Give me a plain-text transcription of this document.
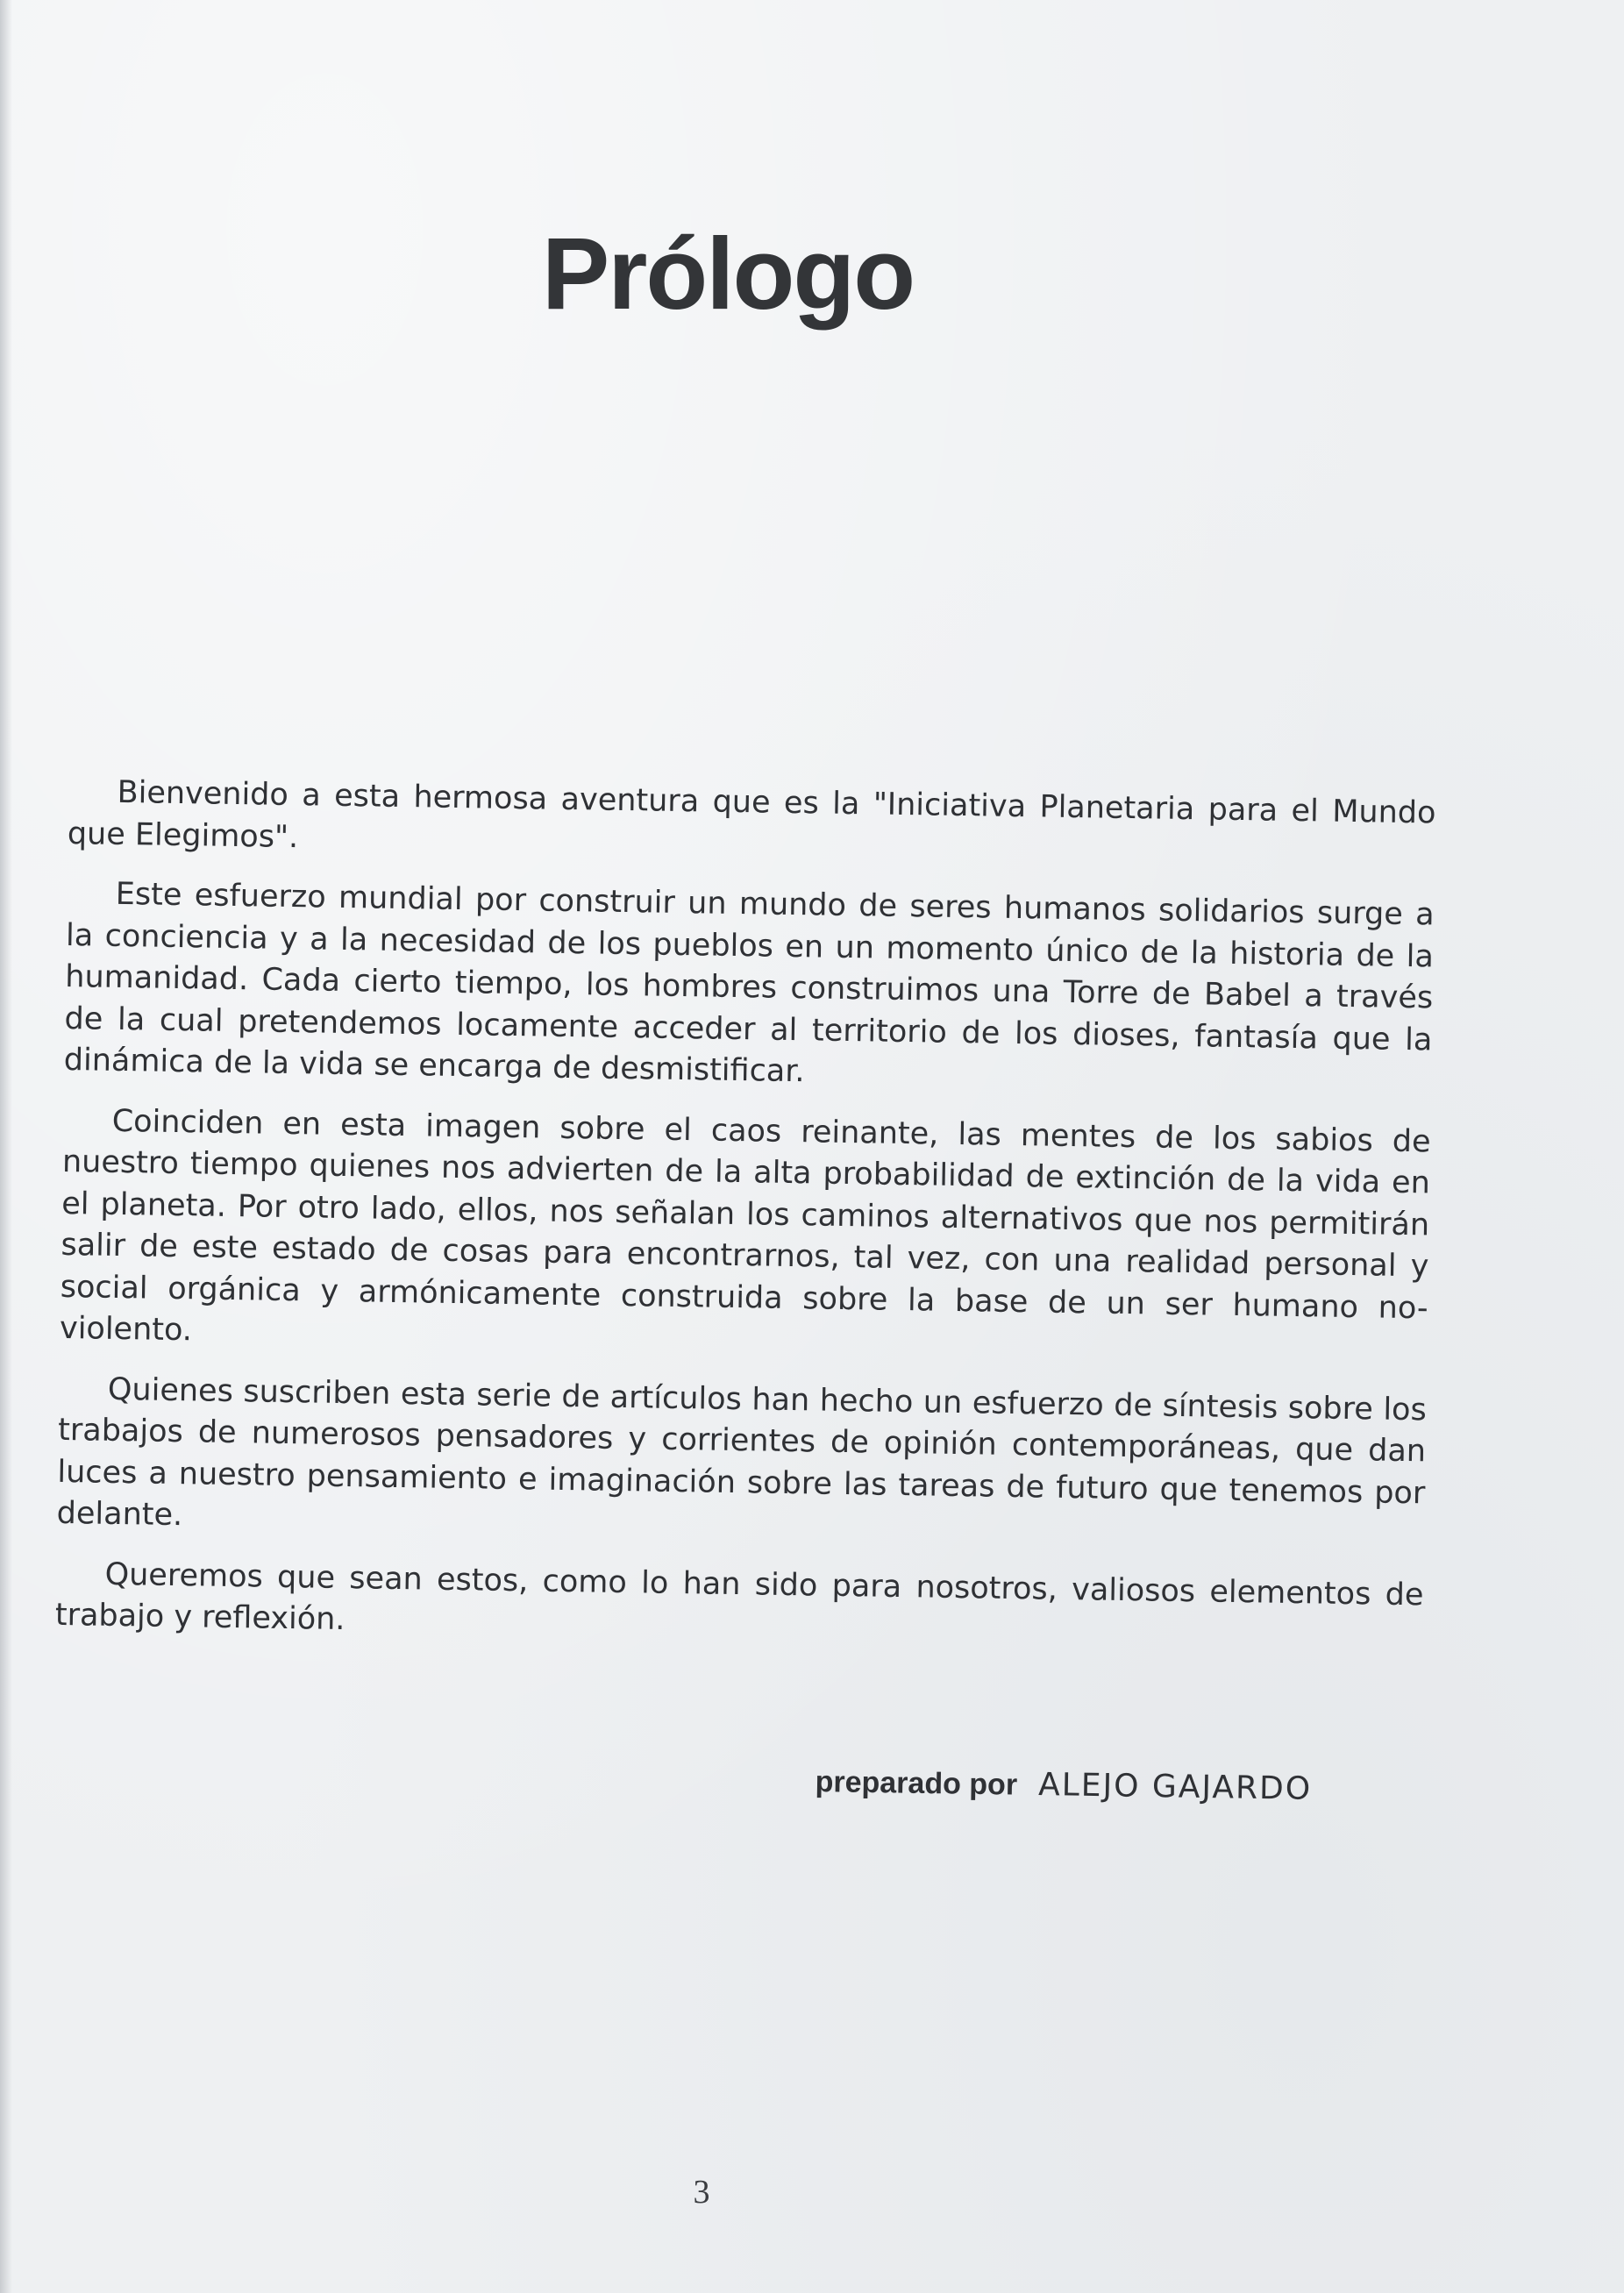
Prólogo

Bienvenido a esta hermosa aventura que es la "Iniciativa Planetaria para el Mundo que Elegimos".

Este esfuerzo mundial por construir un mundo de seres humanos solidarios surge a la conciencia y a la necesidad de los pueblos en un momento único de la historia de la humanidad. Cada cierto tiempo, los hombres construimos una Torre de Babel a través de la cual pretendemos locamente acceder al territorio de los dioses, fantasía que la dinámica de la vida se encarga de desmistificar.

Coinciden en esta imagen sobre el caos reinante, las mentes de los sabios de nuestro tiempo quienes nos advierten de la alta probabilidad de extinción de la vida en el planeta. Por otro lado, ellos, nos señalan los caminos alternativos que nos permitirán salir de este estado de cosas para encontrarnos, tal vez, con una realidad personal y social orgánica y armónicamente construida sobre la base de un ser humano no-violento.

Quienes suscriben esta serie de artículos han hecho un esfuerzo de síntesis sobre los trabajos de numerosos pensadores y corrientes de opinión contemporáneas, que dan luces a nuestro pensamiento e imaginación sobre las tareas de futuro que tenemos por delante.

Queremos que sean estos, como lo han sido para nosotros, valiosos elementos de trabajo y reflexión.

preparado por ALEJO GAJARDO
3
